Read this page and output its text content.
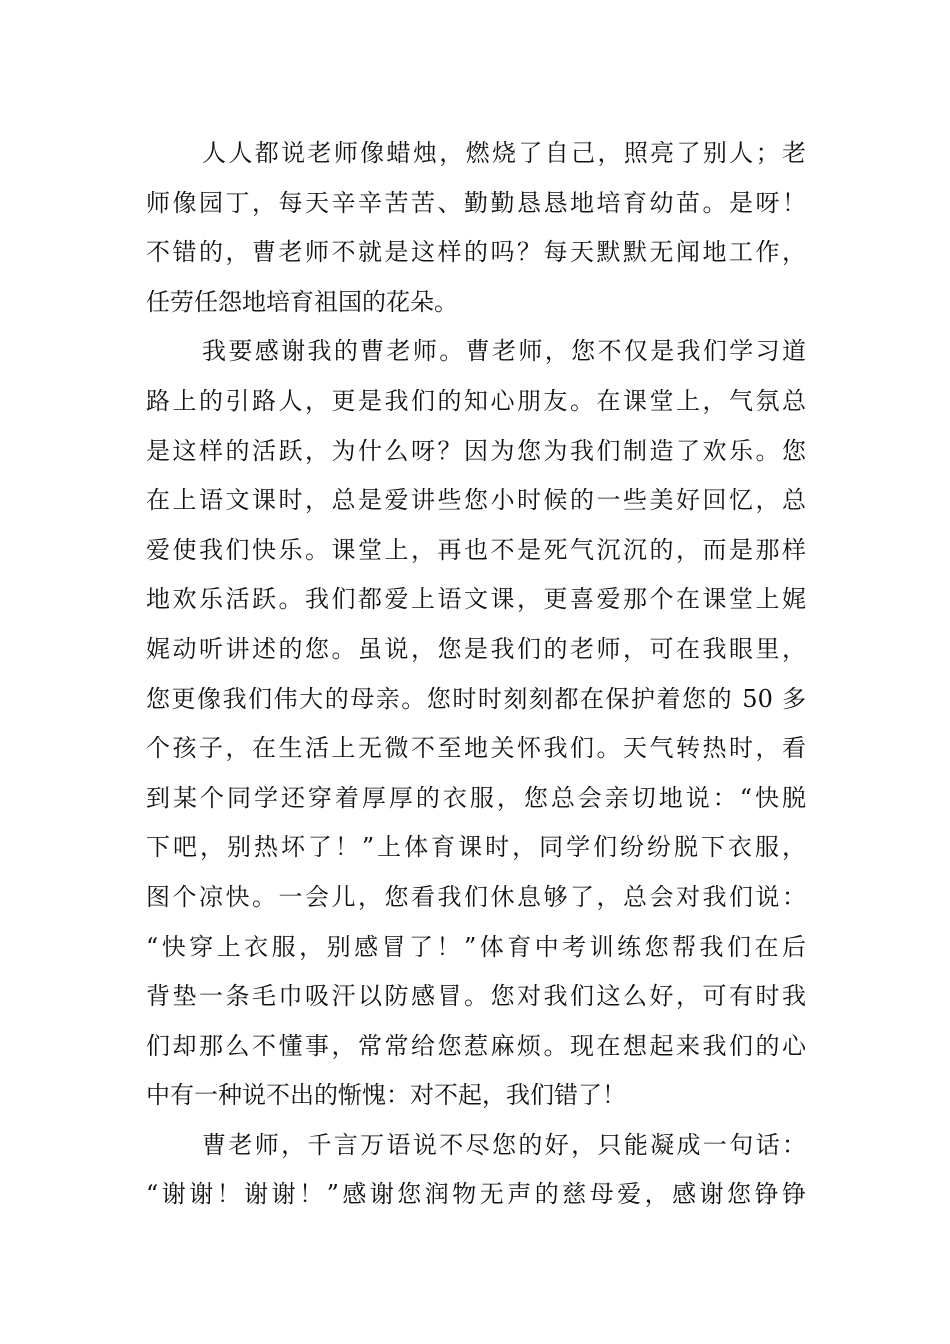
人人都说老师像蜡烛，燃烧了自己，照亮了别人；老
师像园丁，每天辛辛苦苦、勤勤恳恳地培育幼苗。是呀！
不错的，曹老师不就是这样的吗？每天默默无闻地工作，
任劳任怨地培育祖国的花朵。
我要感谢我的曹老师。曹老师，您不仅是我们学习道
路上的引路人，更是我们的知心朋友。在课堂上，气氛总
是这样的活跃，为什么呀？因为您为我们制造了欢乐。您
在上语文课时，总是爱讲些您小时候的一些美好回忆，总
爱使我们快乐。课堂上，再也不是死气沉沉的，而是那样
地欢乐活跃。我们都爱上语文课，更喜爱那个在课堂上娓
娓动听讲述的您。虽说，您是我们的老师，可在我眼里，
您更像我们伟大的母亲。您时时刻刻都在保护着您的 50 多
个孩子，在生活上无微不至地关怀我们。天气转热时，看
到某个同学还穿着厚厚的衣服，您总会亲切地说：“快脱
下吧，别热坏了！”上体育课时，同学们纷纷脱下衣服，
图个凉快。一会儿，您看我们休息够了，总会对我们说：
“快穿上衣服，别感冒了！”体育中考训练您帮我们在后
背垫一条毛巾吸汗以防感冒。您对我们这么好，可有时我
们却那么不懂事，常常给您惹麻烦。现在想起来我们的心
中有一种说不出的惭愧：对不起，我们错了！
曹老师，千言万语说不尽您的好，只能凝成一句话：
“谢谢！谢谢！”感谢您润物无声的慈母爱，感谢您铮铮
